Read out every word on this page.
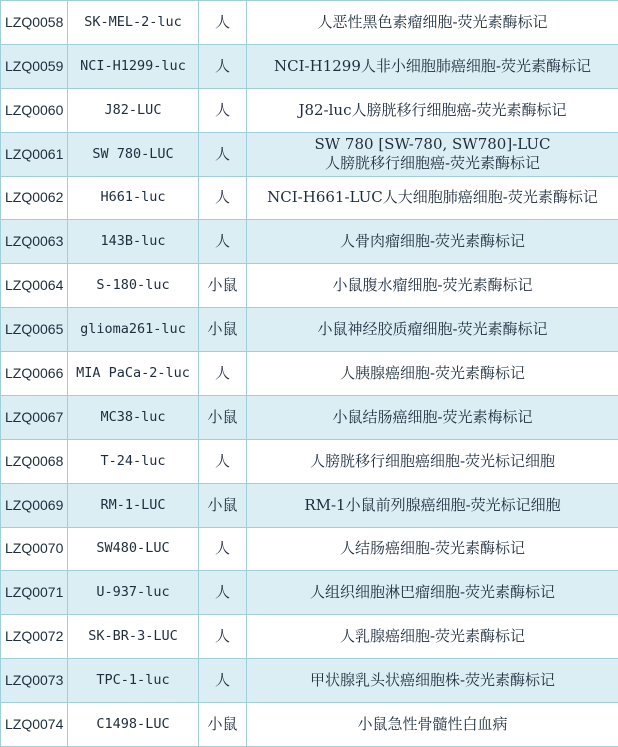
LZQ0058	SK-MEL-2-luc	人	人恶性黑色素瘤细胞-荧光素酶标记

LZQ0059	NCI-H1299-luc	人	NCI-H1299人非小细胞肺癌细胞-荧光素酶标记

LZQ0060	J82-LUC	人	J82-luc人膀胱移行细胞癌-荧光素酶标记

LZQ0061	SW 780-LUC	人	SW 780 [SW-780, SW780]-LUC
人膀胱移行细胞癌-荧光素酶标记

LZQ0062	H661-luc	人	NCI-H661-LUC人大细胞肺癌细胞-荧光素酶标记

LZQ0063	143B-luc	人	人骨肉瘤细胞-荧光素酶标记

LZQ0064	S-180-luc	小鼠	小鼠腹水瘤细胞-荧光素酶标记

LZQ0065	glioma261-luc	小鼠	小鼠神经胶质瘤细胞-荧光素酶标记

LZQ0066	MIA PaCa-2-luc	人	人胰腺癌细胞-荧光素酶标记

LZQ0067	MC38-luc	小鼠	小鼠结肠癌细胞-荧光素梅标记

LZQ0068	T-24-luc	人	人膀胱移行细胞癌细胞-荧光标记细胞

LZQ0069	RM-1-LUC	小鼠	RM-1小鼠前列腺癌细胞-荧光标记细胞

LZQ0070	SW480-LUC	人	人结肠癌细胞-荧光素酶标记

LZQ0071	U-937-luc	人	人组织细胞淋巴瘤细胞-荧光素酶标记

LZQ0072	SK-BR-3-LUC	人	人乳腺癌细胞-荧光素酶标记

LZQ0073	TPC-1-luc	人	甲状腺乳头状癌细胞株-荧光素酶标记

LZQ0074	C1498-LUC	小鼠	小鼠急性骨髓性白血病
